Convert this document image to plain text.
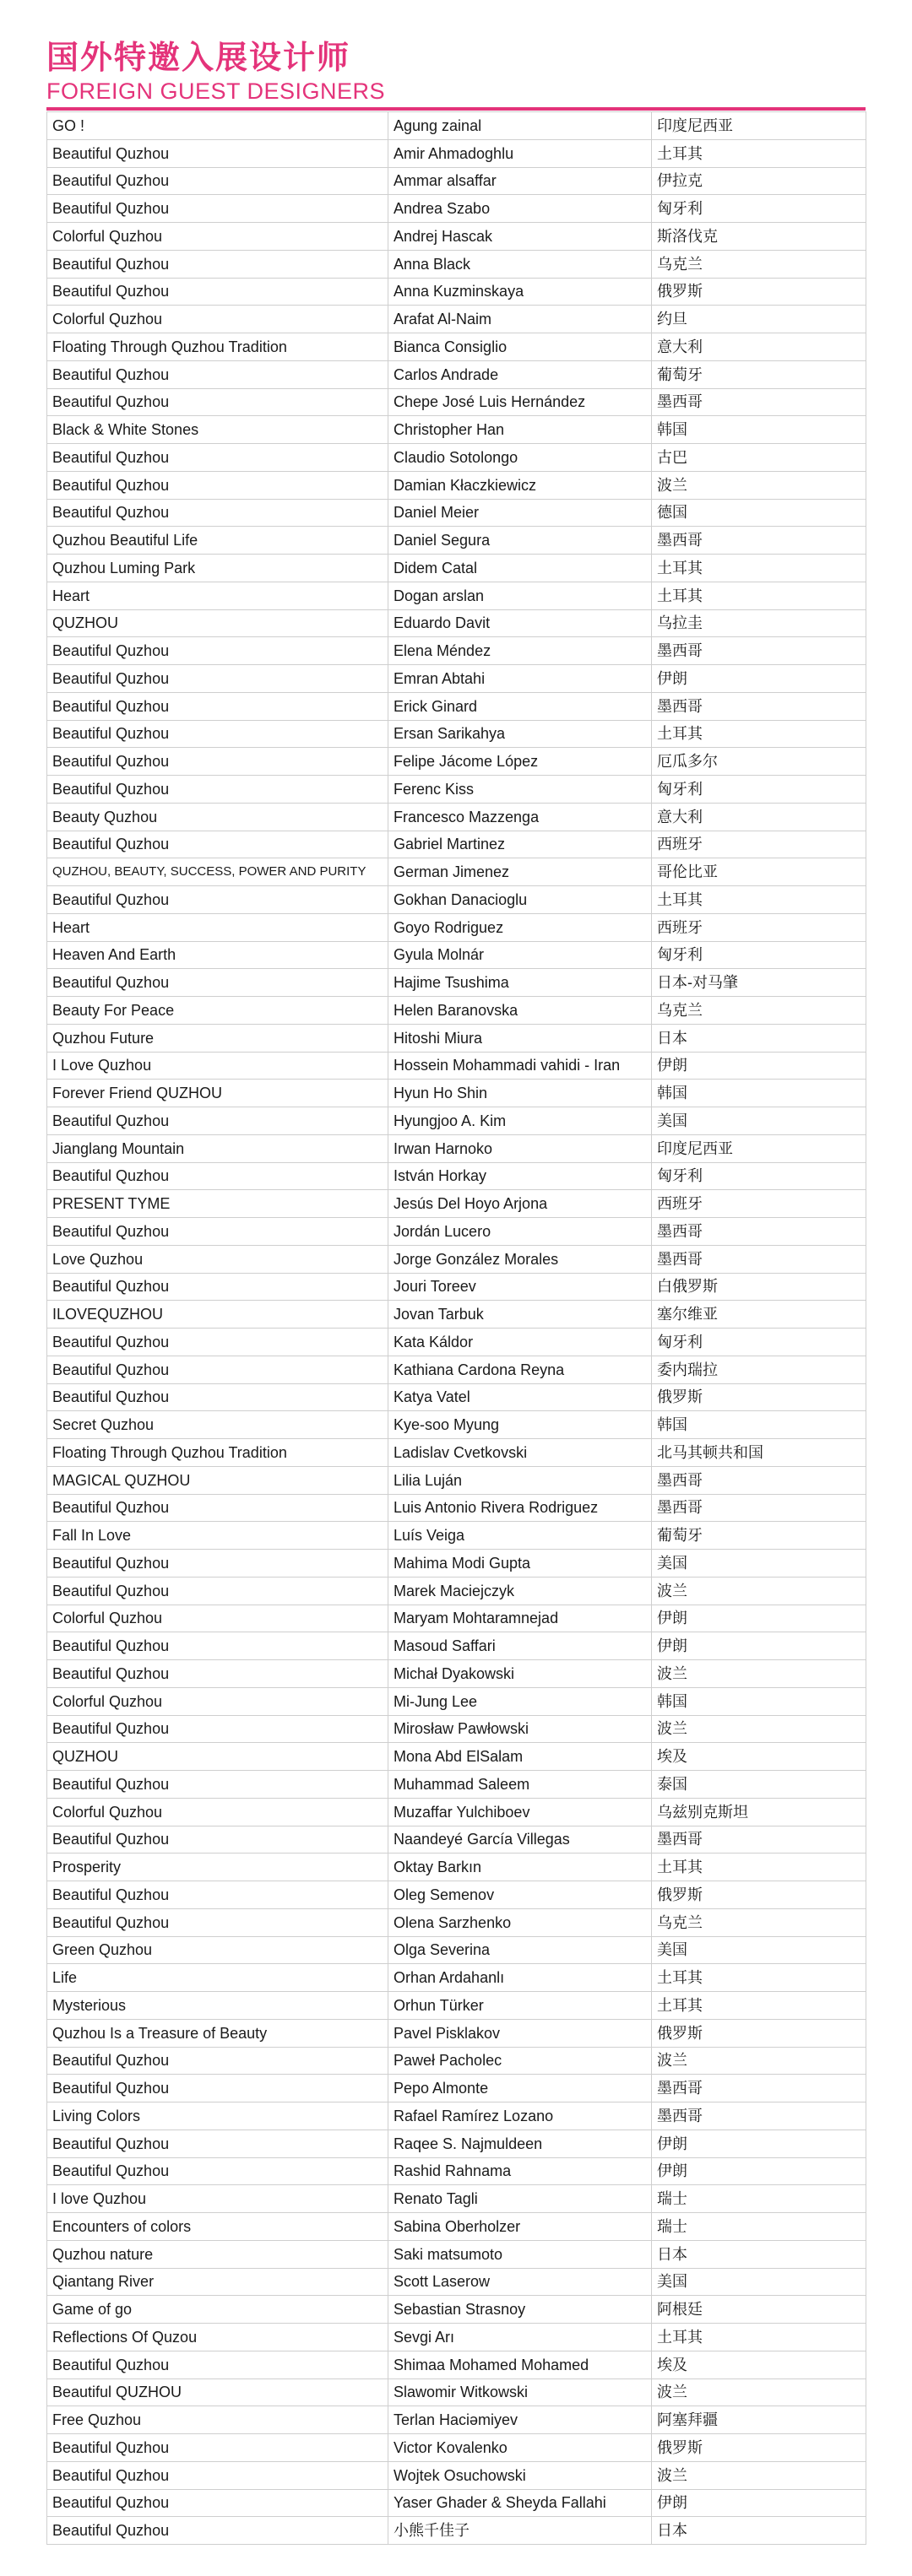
国外特邀入展设计师
FOREIGN GUEST DESIGNERS
GO !	Agung zainal	印度尼西亚
Beautiful Quzhou	Amir Ahmadoghlu	土耳其
Beautiful Quzhou	Ammar alsaffar	伊拉克
Beautiful Quzhou	Andrea Szabo	匈牙利
Colorful Quzhou	Andrej Hascak	斯洛伐克
Beautiful Quzhou	Anna Black	乌克兰
Beautiful Quzhou	Anna Kuzminskaya	俄罗斯
Colorful Quzhou	Arafat Al-Naim	约旦
Floating Through Quzhou Tradition	Bianca Consiglio	意大利
Beautiful Quzhou	Carlos Andrade	葡萄牙
Beautiful Quzhou	Chepe José Luis Hernández	墨西哥
Black & White Stones	Christopher Han	韩国
Beautiful Quzhou	Claudio Sotolongo	古巴
Beautiful Quzhou	Damian Kłaczkiewicz	波兰
Beautiful Quzhou	Daniel Meier	德国
Quzhou Beautiful Life	Daniel Segura	墨西哥
Quzhou Luming Park	Didem Catal	土耳其
Heart	Dogan arslan	土耳其
QUZHOU	Eduardo Davit	乌拉圭
Beautiful Quzhou	Elena Méndez	墨西哥
Beautiful Quzhou	Emran Abtahi	伊朗
Beautiful Quzhou	Erick Ginard	墨西哥
Beautiful Quzhou	Ersan Sarikahya	土耳其
Beautiful Quzhou	Felipe Jácome López	厄瓜多尔
Beautiful Quzhou	Ferenc Kiss	匈牙利
Beauty Quzhou	Francesco Mazzenga	意大利
Beautiful Quzhou	Gabriel Martinez	西班牙
QUZHOU, BEAUTY, SUCCESS, POWER AND PURITY	German Jimenez	哥伦比亚
Beautiful Quzhou	Gokhan Danacioglu	土耳其
Heart	Goyo Rodriguez	西班牙
Heaven And Earth	Gyula Molnár	匈牙利
Beautiful Quzhou	Hajime Tsushima	日本-对马肇
Beauty For Peace	Helen Baranovska	乌克兰
Quzhou Future	Hitoshi Miura	日本
I Love Quzhou	Hossein Mohammadi vahidi - Iran	伊朗
Forever Friend QUZHOU	Hyun Ho Shin	韩国
Beautiful Quzhou	Hyungjoo A. Kim	美国
Jianglang Mountain	Irwan Harnoko	印度尼西亚
Beautiful Quzhou	István Horkay	匈牙利
PRESENT TYME	Jesús Del Hoyo Arjona	西班牙
Beautiful Quzhou	Jordán Lucero	墨西哥
Love Quzhou	Jorge González Morales	墨西哥
Beautiful Quzhou	Jouri Toreev	白俄罗斯
ILOVEQUZHOU	Jovan Tarbuk	塞尔维亚
Beautiful Quzhou	Kata Káldor	匈牙利
Beautiful Quzhou	Kathiana Cardona Reyna	委内瑞拉
Beautiful Quzhou	Katya Vatel	俄罗斯
Secret Quzhou	Kye-soo Myung	韩国
Floating Through Quzhou Tradition	Ladislav Cvetkovski	北马其顿共和国
MAGICAL QUZHOU	Lilia Luján	墨西哥
Beautiful Quzhou	Luis Antonio Rivera Rodriguez	墨西哥
Fall In Love	Luís Veiga	葡萄牙
Beautiful Quzhou	Mahima Modi Gupta	美国
Beautiful Quzhou	Marek Maciejczyk	波兰
Colorful Quzhou	Maryam Mohtaramnejad	伊朗
Beautiful Quzhou	Masoud Saffari	伊朗
Beautiful Quzhou	Michał Dyakowski	波兰
Colorful Quzhou	Mi-Jung Lee	韩国
Beautiful Quzhou	Mirosław Pawłowski	波兰
QUZHOU	Mona Abd ElSalam	埃及
Beautiful Quzhou	Muhammad Saleem	泰国
Colorful Quzhou	Muzaffar Yulchiboev	乌兹别克斯坦
Beautiful Quzhou	Naandeyé García Villegas	墨西哥
Prosperity	Oktay Barkın	土耳其
Beautiful Quzhou	Oleg Semenov	俄罗斯
Beautiful Quzhou	Olena Sarzhenko	乌克兰
Green Quzhou	Olga Severina	美国
Life	Orhan Ardahanlı	土耳其
Mysterious	Orhun Türker	土耳其
Quzhou Is a Treasure of Beauty	Pavel Pisklakov	俄罗斯
Beautiful Quzhou	Paweł Pacholec	波兰
Beautiful Quzhou	Pepo Almonte	墨西哥
Living Colors	Rafael Ramírez Lozano	墨西哥
Beautiful Quzhou	Raqee S. Najmuldeen	伊朗
Beautiful Quzhou	Rashid Rahnama	伊朗
I love Quzhou	Renato Tagli	瑞士
Encounters of colors	Sabina Oberholzer	瑞士
Quzhou nature	Saki matsumoto	日本
Qiantang River	Scott Laserow	美国
Game of go	Sebastian Strasnoy	阿根廷
Reflections Of Quzou	Sevgi Arı	土耳其
Beautiful Quzhou	Shimaa Mohamed Mohamed	埃及
Beautiful QUZHOU	Slawomir Witkowski	波兰
Free Quzhou	Terlan Haciəmiyev	阿塞拜疆
Beautiful Quzhou	Victor Kovalenko	俄罗斯
Beautiful Quzhou	Wojtek Osuchowski	波兰
Beautiful Quzhou	Yaser Ghader & Sheyda Fallahi	伊朗
Beautiful Quzhou	小熊千佳子	日本
